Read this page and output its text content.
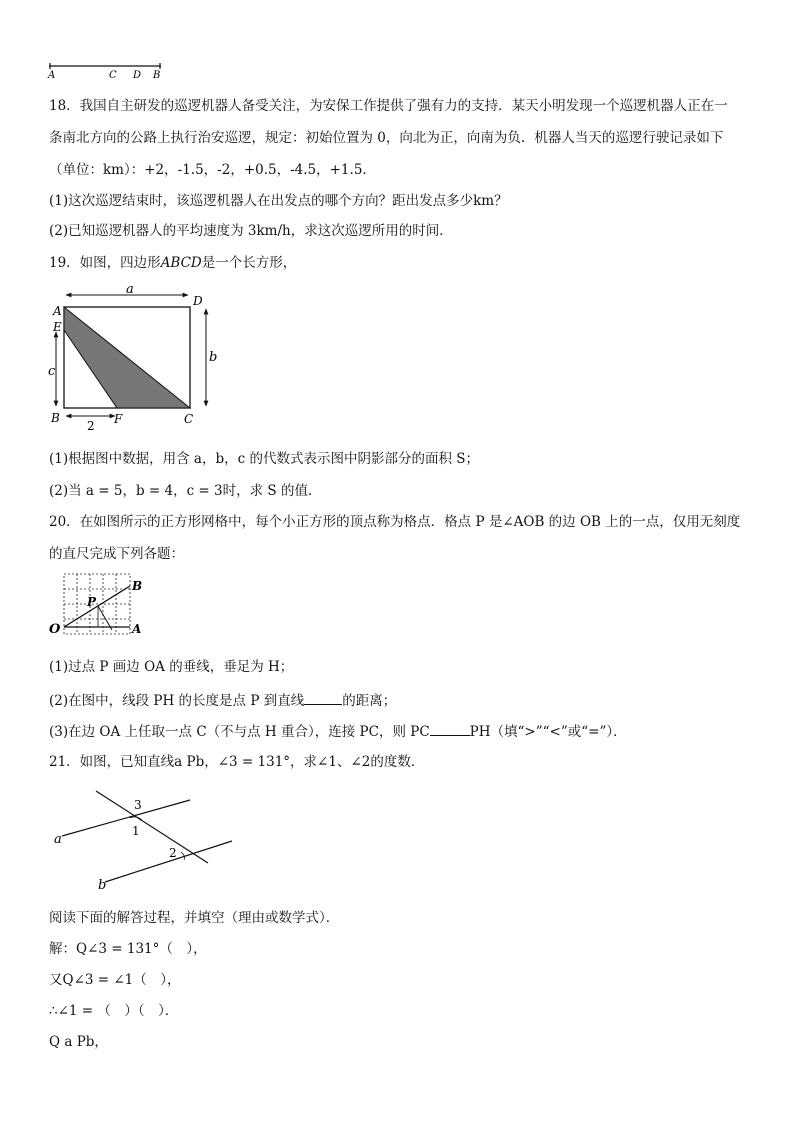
A	C D B
18．我国自主研发的巡逻机器人备受关注，为安保工作提供了强有力的支持．某天小明发现一个巡逻机器人正在一
条南北方向的公路上执行治安巡逻，规定：初始位置为 0，向北为正，向南为负．机器人当天的巡逻行驶记录如下
（单位：km）：+2，-1.5，-2，+0.5，-4.5，+1.5．
(1)这次巡逻结束时，该巡逻机器人在出发点的哪个方向？距出发点多少km？
(2)已知巡逻机器人的平均速度为 3km/h，求这次巡逻所用的时间．
19．如图，四边形ABCD是一个长方形，
A
E
D
B	F	C
a
b
c
2
(1)根据图中数据，用含 a，b，c 的代数式表示图中阴影部分的面积 S；
(2)当 a = 5，b = 4，c = 3时，求 S 的值．
20．在如图所示的正方形网格中，每个小正方形的顶点称为格点．格点 P 是∠AOB 的边 OB 上的一点，仅用无刻度
的直尺完成下列各题：
O	A
B
P
(1)过点 P 画边 OA 的垂线，垂足为 H；
(2)在图中，线段 PH 的长度是点 P 到直线	的距离；
(3)在边 OA 上任取一点 C（不与点 H 重合），连接 PC，则 PC	PH（填“>”“<”或“=”）．
21．如图，已知直线a Pb，∠3 = 131°，求∠1、∠2的度数．
3
1
2
a
b
阅读下面的解答过程，并填空（理由或数学式）．
解：Q∠3 = 131°（　），
又Q∠3 = ∠1（　），
∴∠1 = （　）（　）．
Q a Pb，
